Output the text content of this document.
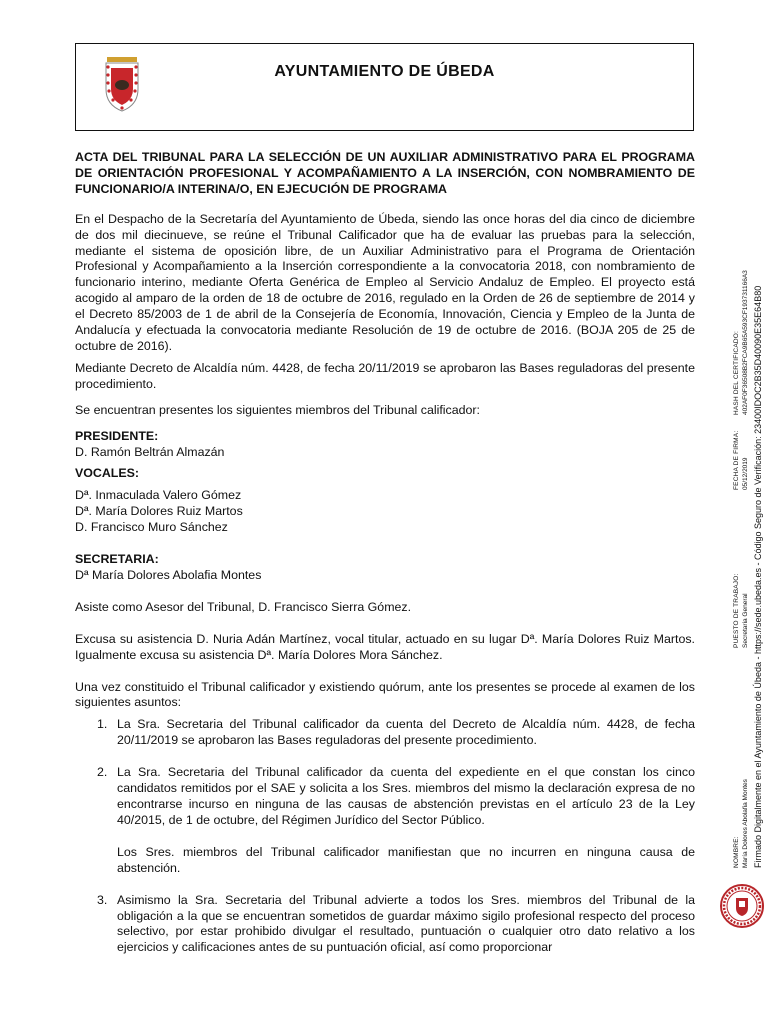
AYUNTAMIENTO DE ÚBEDA

ACTA DEL TRIBUNAL PARA LA SELECCIÓN DE UN AUXILIAR ADMINISTRATIVO PARA EL PROGRAMA DE ORIENTACIÓN PROFESIONAL Y ACOMPAÑAMIENTO A LA INSERCIÓN, CON NOMBRAMIENTO DE FUNCIONARIO/A INTERINA/O, EN EJECUCIÓN DE PROGRAMA

En el Despacho de la Secretaría del Ayuntamiento de Úbeda, siendo las once horas del dia cinco de diciembre de dos mil diecinueve, se reúne el Tribunal Calificador que ha de evaluar las pruebas para la selección, mediante el sistema de oposición libre, de un Auxiliar Administrativo para el Programa de Orientación Profesional y Acompañamiento a la Inserción correspondiente a la convocatoria 2018, con nombramiento de funcionario interino, mediante Oferta Genérica de Empleo al Servicio Andaluz de Empleo. El proyecto está acogido al amparo de la orden de 18 de octubre de 2016, regulado en la Orden de 26 de septiembre de 2014 y el Decreto 85/2003 de 1 de abril de la Consejería de Economía, Innovación, Ciencia y Empleo de la Junta de Andalucía y efectuada la convocatoria mediante Resolución de 19 de octubre de 2016. (BOJA 205 de 25 de octubre de 2016).

Mediante Decreto de Alcaldía núm. 4428, de fecha 20/11/2019 se aprobaron las Bases reguladoras del presente procedimiento.

Se encuentran presentes los siguientes miembros del Tribunal calificador:

PRESIDENTE:

D. Ramón Beltrán Almazán

VOCALES:

Dª. Inmaculada Valero Gómez

Dª. María Dolores Ruiz Martos

D. Francisco Muro Sánchez

SECRETARIA:

Dª María Dolores Abolafia Montes

Asiste como Asesor del Tribunal, D. Francisco Sierra Gómez.

Excusa su asistencia D. Nuria Adán Martínez, vocal titular, actuado en su lugar Dª. María Dolores Ruiz Martos. Igualmente excusa su asistencia Dª. María Dolores Mora Sánchez.

Una vez constituido el Tribunal calificador y existiendo quórum, ante los presentes se procede al examen de los siguientes asuntos:

1. La Sra. Secretaria del Tribunal calificador da cuenta del Decreto de Alcaldía núm. 4428, de fecha 20/11/2019 se aprobaron las Bases reguladoras del presente procedimiento.
2. La Sra. Secretaria del Tribunal calificador da cuenta del expediente en el que constan los cinco candidatos remitidos por el SAE y solicita a los Sres. miembros del mismo la declaración expresa de no encontrarse incurso en ninguna de las causas de abstención previstas en el artículo 23 de la Ley 40/2015, de 1 de octubre, del Régimen Jurídico del Sector Público.

Los Sres. miembros del Tribunal calificador manifiestan que no incurren en ninguna causa de abstención.

3. Asimismo la Sra. Secretaria del Tribunal advierte a todos los Sres. miembros del Tribunal de la obligación a la que se encuentran sometidos de guardar máximo sigilo profesional respecto del proceso selectivo, por estar prohibido divulgar el resultado, puntuación o cualquier otro dato relativo a los ejercicios y calificaciones antes de su puntuación oficial, así como proporcionar
NOMBRE: María Dolores Abolafia Montes
PUESTO DE TRABAJO: Secretaria General
FECHA DE FIRMA: 05/12/2019
HASH DEL CERTIFICADO: 402AF0F36508B2FCA9B65A593CF193731166A3 Firmado Digitalmente en el Ayuntamiento de Úbeda - https://sede.ubeda.es - Código Seguro de Verificación: 23400IDOC2B35D40090E35E64B80
